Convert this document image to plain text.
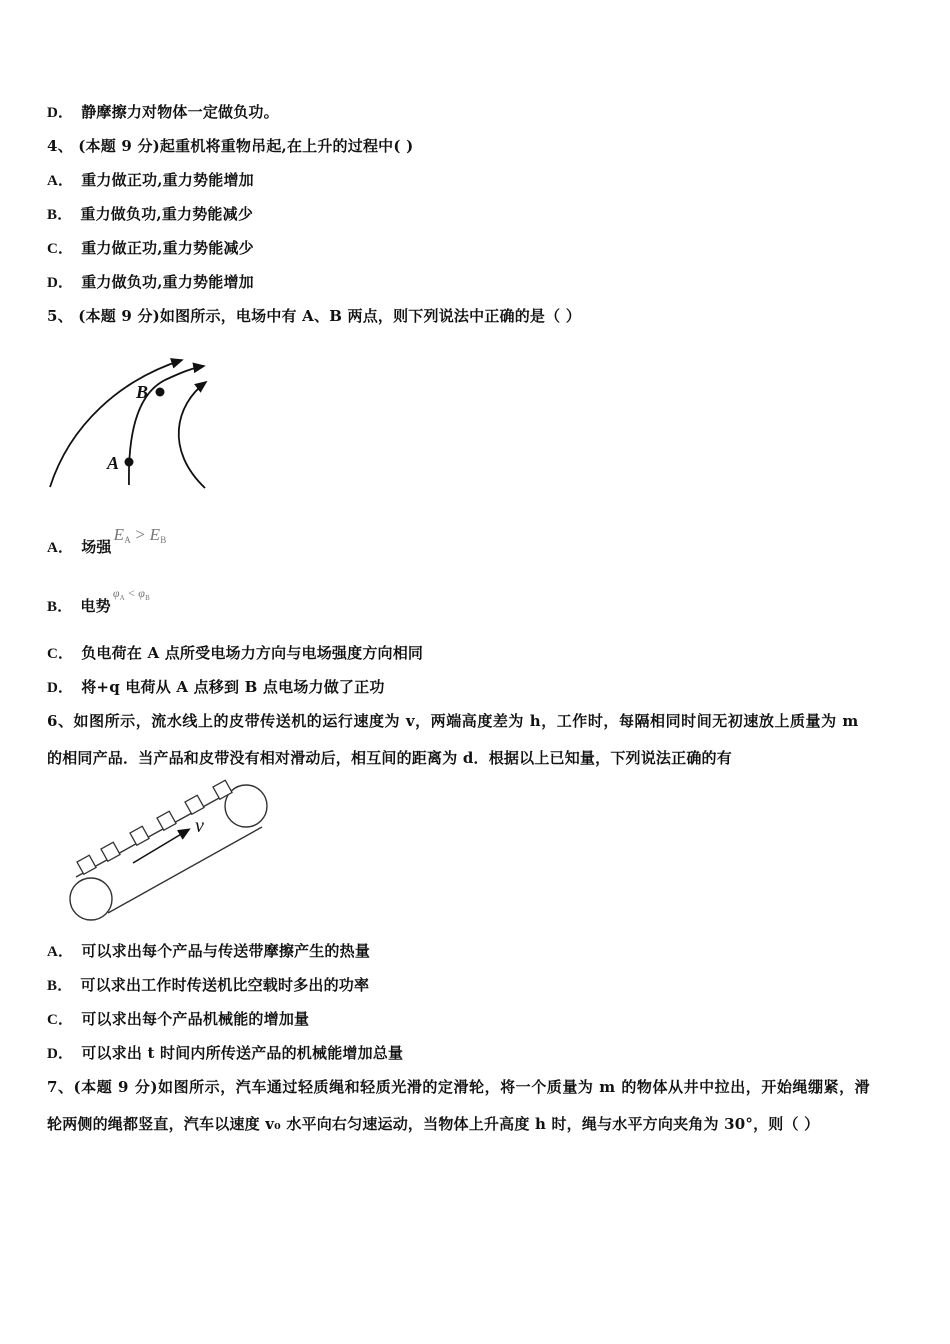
D． 静摩擦力对物体一定做负功。
4、 (本题 9 分)起重机将重物吊起,在上升的过程中( )
A． 重力做正功,重力势能增加
B． 重力做负功,重力势能减少
C． 重力做正功,重力势能减少
D． 重力做负功,重力势能增加
5、 (本题 9 分)如图所示，电场中有 A、B 两点，则下列说法中正确的是（ ）
B
A
A． 场强$E_A > E_B$
B． 电势$^{\varphi_A < \varphi_B}$
C． 负电荷在 A 点所受电场力方向与电场强度方向相同
D． 将+q 电荷从 A 点移到 B 点电场力做了正功
6、如图所示，流水线上的皮带传送机的运行速度为 v，两端高度差为 h，工作时，每隔相同时间无初速放上质量为 m
的相同产品．当产品和皮带没有相对滑动后，相互间的距离为 d．根据以上已知量，下列说法正确的有
v
A． 可以求出每个产品与传送带摩擦产生的热量
B． 可以求出工作时传送机比空载时多出的功率
C． 可以求出每个产品机械能的增加量
D． 可以求出 t 时间内所传送产品的机械能增加总量
7、(本题 9 分)如图所示，汽车通过轻质绳和轻质光滑的定滑轮，将一个质量为 m 的物体从井中拉出，开始绳绷紧，滑
轮两侧的绳都竖直，汽车以速度 v₀ 水平向右匀速运动，当物体上升高度 h 时，绳与水平方向夹角为 30°，则（ ）
